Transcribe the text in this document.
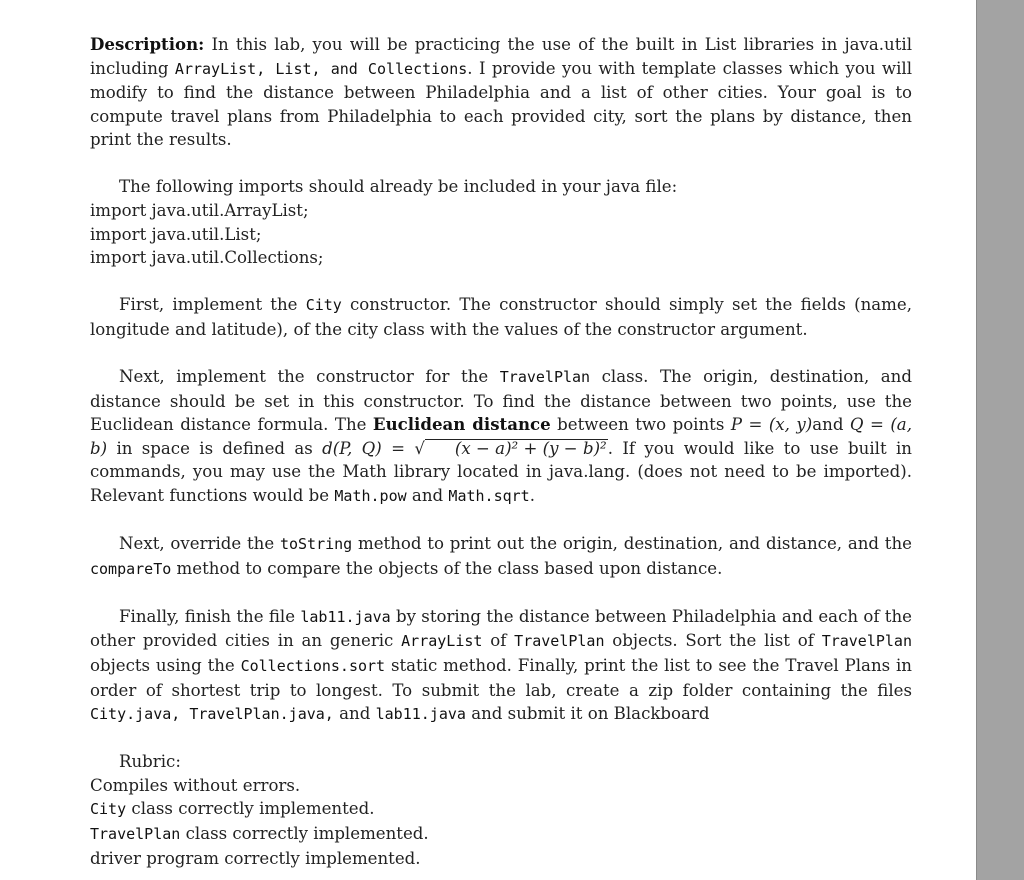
Description: In this lab, you will be practicing the use of the built in List libraries in java.util including ArrayList, List, and Collections. I provide you with template classes which you will modify to find the distance between Philadelphia and a list of other cities. Your goal is to compute travel plans from Philadelphia to each provided city, sort the plans by distance, then print the results.

The following imports should already be included in your java file:

import java.util.ArrayList;
import java.util.List;
import java.util.Collections;

First, implement the City constructor. The constructor should simply set the fields (name, longitude and latitude), of the city class with the values of the constructor argument.

Next, implement the constructor for the TravelPlan class. The origin, destination, and distance should be set in this constructor. To find the distance between two points, use the Euclidean distance formula. The Euclidean distance between two points P = (x, y)and Q = (a, b) in space is defined as d(P, Q) = √ (x − a)² + (y − b)². If you would like to use built in commands, you may use the Math library located in java.lang. (does not need to be imported). Relevant functions would be Math.pow and Math.sqrt.

Next, override the toString method to print out the origin, destination, and distance, and the compareTo method to compare the objects of the class based upon distance.

Finally, finish the file lab11.java by storing the distance between Philadelphia and each of the other provided cities in an generic ArrayList of TravelPlan objects. Sort the list of TravelPlan objects using the Collections.sort static method. Finally, print the list to see the Travel Plans in order of shortest trip to longest. To submit the lab, create a zip folder containing the files City.java, TravelPlan.java, and lab11.java and submit it on Blackboard

Rubric:

Compiles without errors.
City class correctly implemented.
TravelPlan class correctly implemented.
driver program correctly implemented.
